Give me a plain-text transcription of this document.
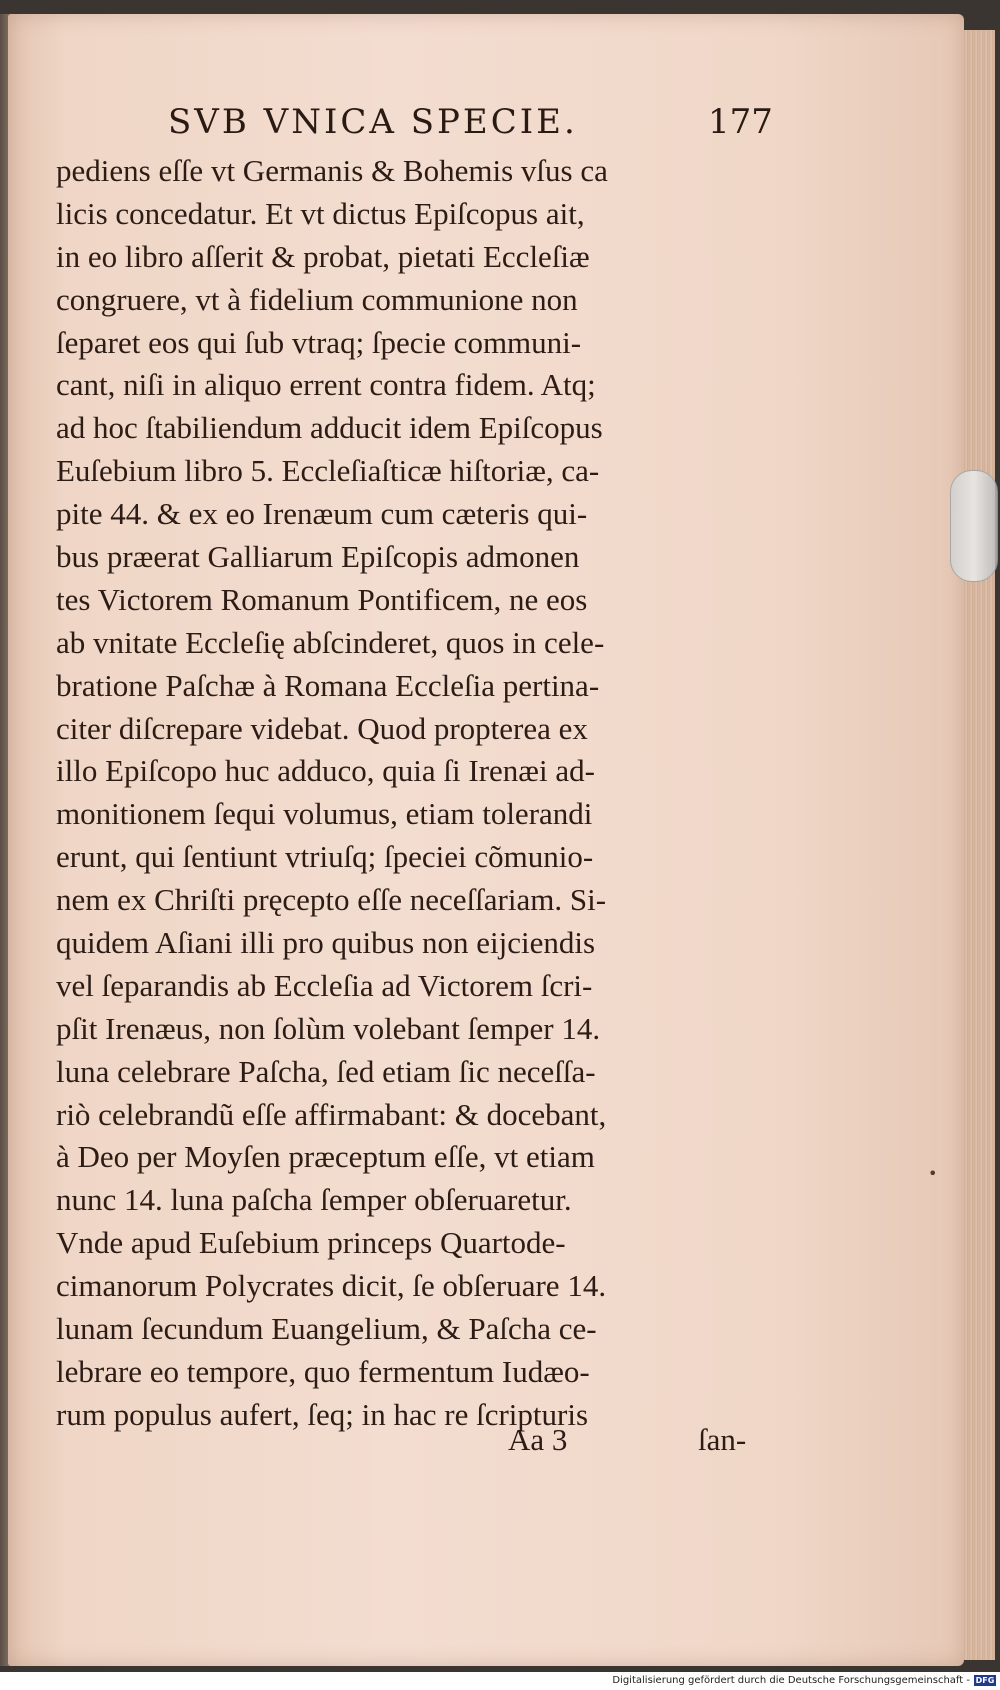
SVB VNICA SPECIE.	177
pediens eſſe vt Germanis & Bohemis vſus ca
licis concedatur. Et vt dictus Epiſcopus ait,
in eo libro aſſerit & probat, pietati Eccleſiæ
congruere, vt à fidelium communione non
ſeparet eos qui ſub vtraq; ſpecie communi-
cant, niſi in aliquo errent contra fidem. Atq;
ad hoc ſtabiliendum adducit idem Epiſcopus
Euſebium libro 5. Eccleſiaſticæ hiſtoriæ, ca-
pite 44. & ex eo Irenæum cum cæteris qui-
bus præerat Galliarum Epiſcopis admonen
tes Victorem Romanum Pontificem, ne eos
ab vnitate Eccleſię abſcinderet, quos in cele-
bratione Paſchæ à Romana Eccleſia pertina-
citer diſcrepare videbat. Quod propterea ex
illo Epiſcopo huc adduco, quia ſi Irenæi ad-
monitionem ſequi volumus, etiam tolerandi
erunt, qui ſentiunt vtriuſq; ſpeciei cõmunio-
nem ex Chriſti pręcepto eſſe neceſſariam. Si-
quidem Aſiani illi pro quibus non eijciendis
vel ſeparandis ab Eccleſia ad Victorem ſcri-
pſit Irenæus, non ſolùm volebant ſemper 14.
luna celebrare Paſcha, ſed etiam ſic neceſſa-
riò celebrandũ eſſe affirmabant: & docebant,
à Deo per Moyſen præceptum eſſe, vt etiam
nunc 14. luna paſcha ſemper obſeruaretur.
Vnde apud Euſebium princeps Quartode-
cimanorum Polycrates dicit, ſe obſeruare 14.
lunam ſecundum Euangelium, & Paſcha ce-
lebrare eo tempore, quo fermentum Iudæo-
rum populus aufert, ſeq; in hac re ſcripturis
Aa 3	ſan-
•
Digitalisierung gefördert durch die Deutsche Forschungsgemeinschaft - DFG
